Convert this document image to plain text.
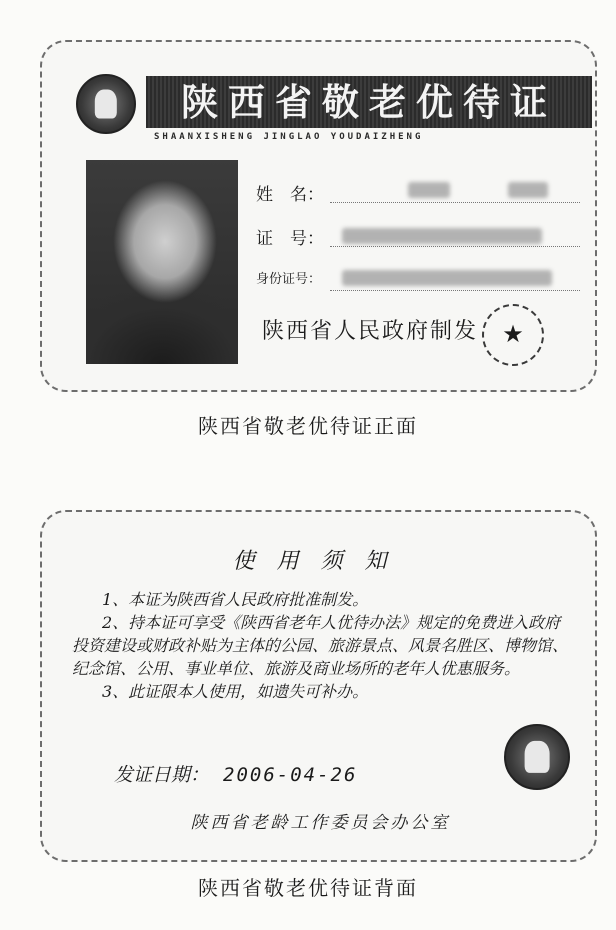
陕西省敬老优待证
SHAANXISHENG JINGLAO YOUDAIZHENG
姓　名：
证　号：
身份证号：
陕西省人民政府制发	★
陕西省敬老优待证正面
使用须知

1、本证为陕西省人民政府批准制发。

2、持本证可享受《陕西省老年人优待办法》规定的免费进入政府投资建设或财政补贴为主体的公园、旅游景点、风景名胜区、博物馆、纪念馆、公用、事业单位、旅游及商业场所的老年人优惠服务。

3、此证限本人使用，如遗失可补办。

发证日期： 2006-04-26
陕西省老龄工作委员会办公室
陕西省敬老优待证背面
